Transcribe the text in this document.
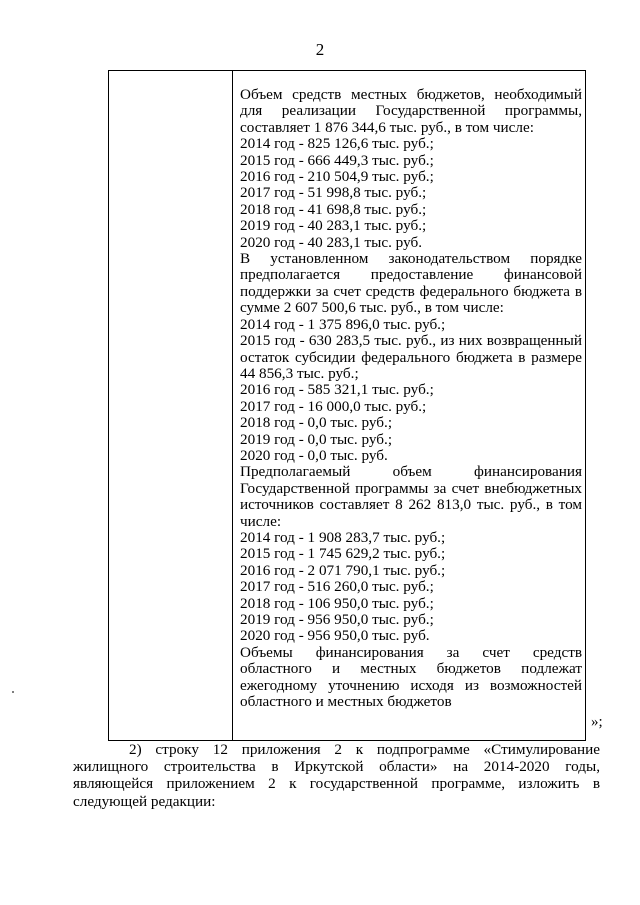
2
Объем средств местных бюджетов, необходимый
для реализации Государственной программы,
составляет 1 876 344,6 тыс. руб., в том числе:
2014 год - 825 126,6 тыс. руб.;
2015 год - 666 449,3 тыс. руб.;
2016 год - 210 504,9 тыс. руб.;
2017 год - 51 998,8 тыс. руб.;
2018 год - 41 698,8 тыс. руб.;
2019 год - 40 283,1 тыс. руб.;
2020 год - 40 283,1 тыс. руб.
В установленном законодательством порядке
предполагается предоставление финансовой
поддержки за счет средств федерального бюджета в
сумме 2 607 500,6 тыс. руб., в том числе:
2014 год - 1 375 896,0 тыс. руб.;
2015 год - 630 283,5 тыс. руб., из них возвращенный
остаток субсидии федерального бюджета в размере
44 856,3 тыс. руб.;
2016 год - 585 321,1 тыс. руб.;
2017 год - 16 000,0 тыс. руб.;
2018 год - 0,0 тыс. руб.;
2019 год - 0,0 тыс. руб.;
2020 год - 0,0 тыс. руб.
Предполагаемый объем финансирования
Государственной программы за счет внебюджетных
источников составляет 8 262 813,0 тыс. руб., в том
числе:
2014 год - 1 908 283,7 тыс. руб.;
2015 год - 1 745 629,2 тыс. руб.;
2016 год - 2 071 790,1 тыс. руб.;
2017 год - 516 260,0 тыс. руб.;
2018 год - 106 950,0 тыс. руб.;
2019 год - 956 950,0 тыс. руб.;
2020 год - 956 950,0 тыс. руб.
Объемы финансирования за счет средств
областного и местных бюджетов подлежат
ежегодному уточнению исходя из возможностей
областного и местных бюджетов
»;
2) строку 12 приложения 2 к подпрограмме «Стимулирование
жилищного строительства в Иркутской области» на 2014-2020 годы,
являющейся приложением 2 к государственной программе, изложить в
следующей редакции:
